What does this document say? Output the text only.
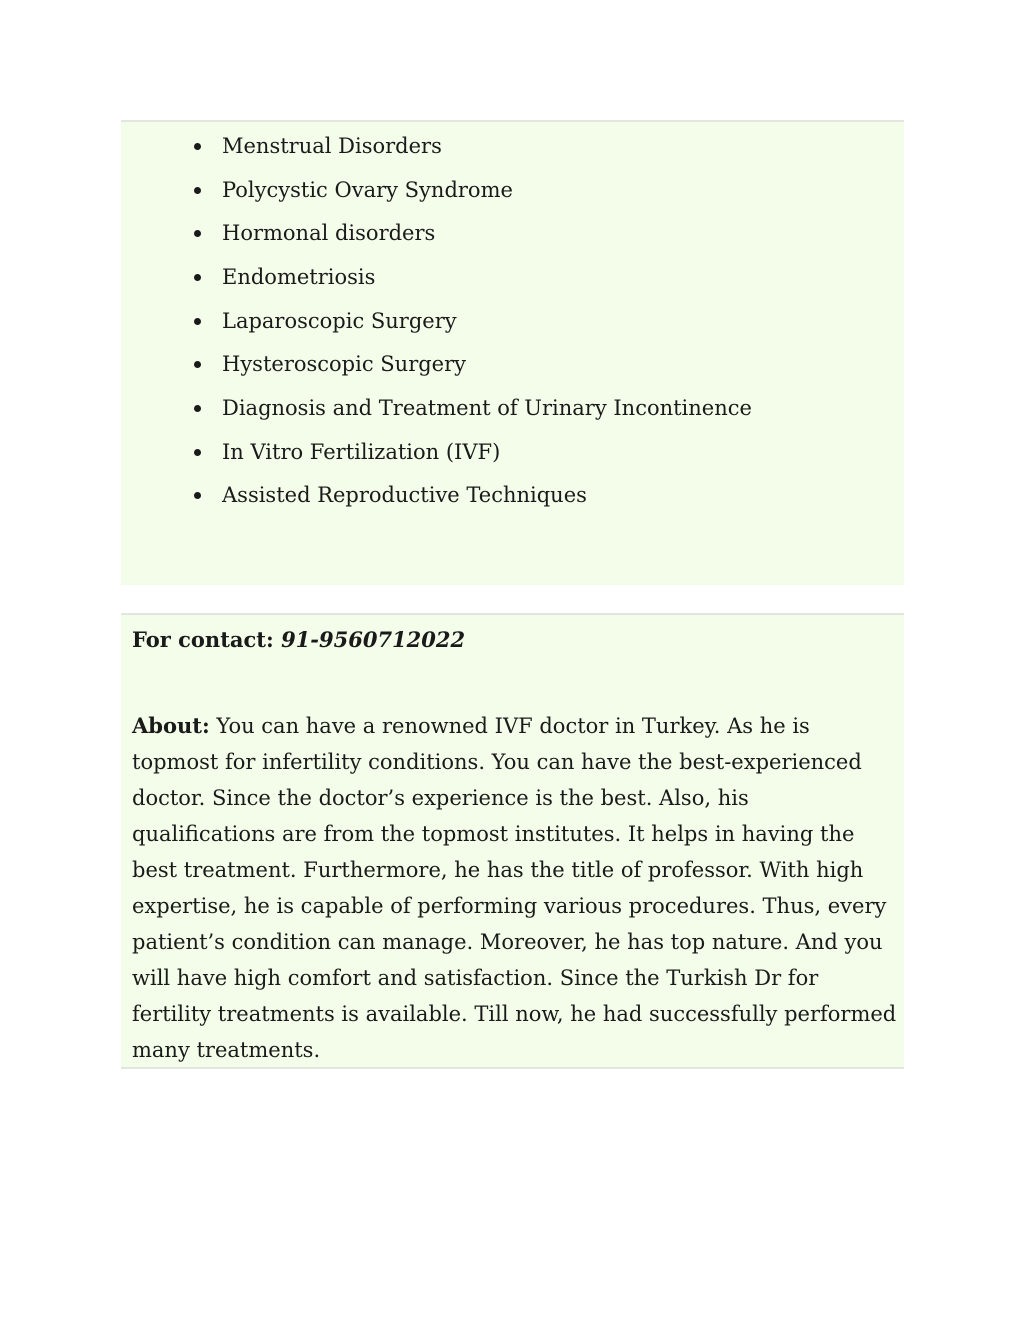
Menstrual Disorders
Polycystic Ovary Syndrome
Hormonal disorders
Endometriosis
Laparoscopic Surgery
Hysteroscopic Surgery
Diagnosis and Treatment of Urinary Incontinence
In Vitro Fertilization (IVF)
Assisted Reproductive Techniques
For contact: 91-9560712022

About: You can have a renowned IVF doctor in Turkey. As he is topmost for infertility conditions. You can have the best-experienced doctor. Since the doctor’s experience is the best. Also, his qualifications are from the topmost institutes. It helps in having the best treatment. Furthermore, he has the title of professor. With high expertise, he is capable of performing various procedures. Thus, every patient’s condition can manage. Moreover, he has top nature. And you will have high comfort and satisfaction. Since the Turkish Dr for fertility treatments is available. Till now, he had successfully performed many treatments.
